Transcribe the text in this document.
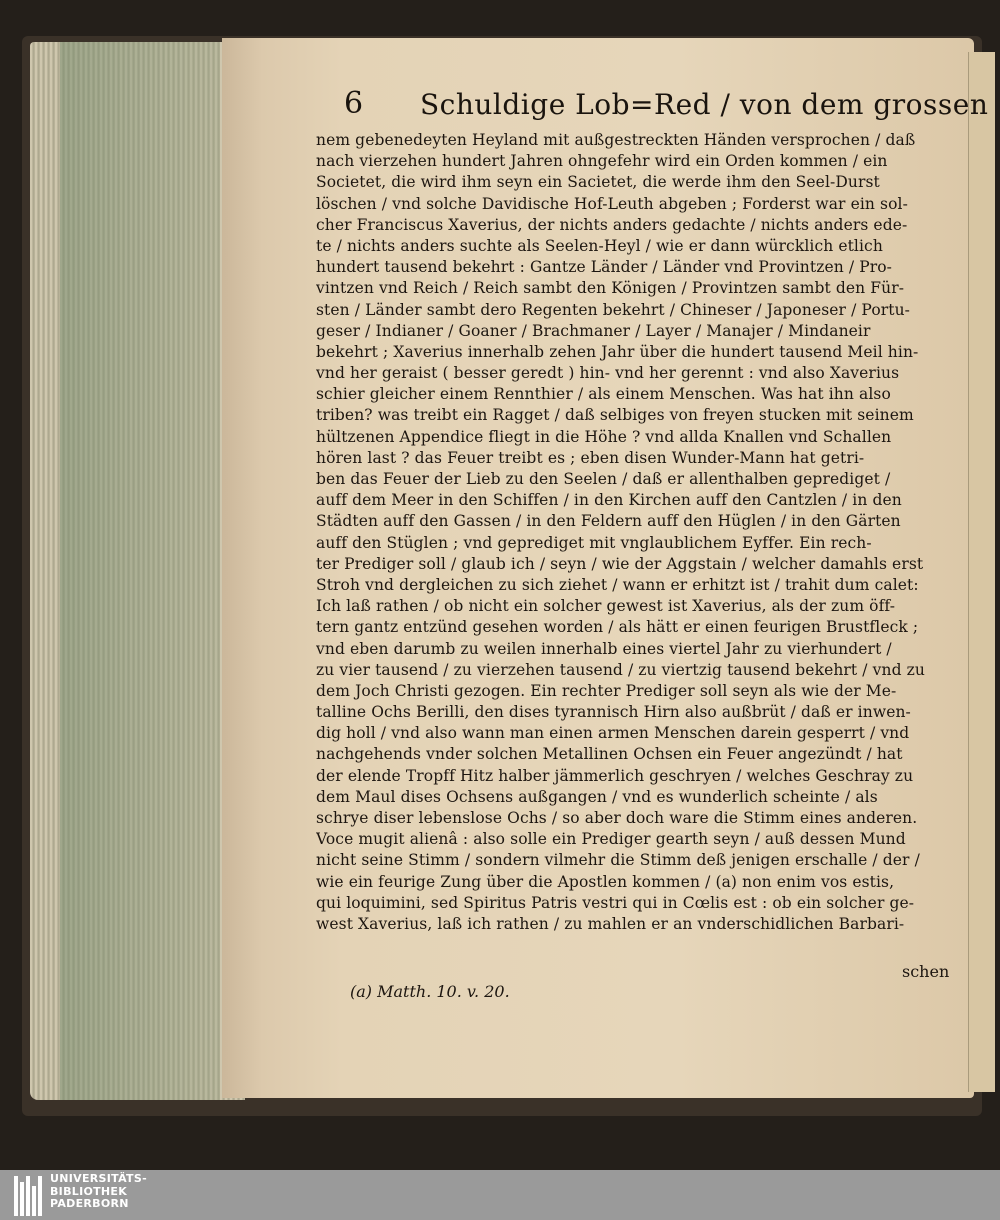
6 Schuldige Lob=Red / von dem grossen
nem gebenedeyten Heyland mit außgestreckten Händen versprochen / daß
nach vierzehen hundert Jahren ohngefehr wird ein Orden kommen / ein
Societet, die wird ihm seyn ein Sacietet, die werde ihm den Seel-Durst
löschen / vnd solche Davidische Hof-Leuth abgeben ; Forderst war ein sol-
cher Franciscus Xaverius, der nichts anders gedachte / nichts anders ede-
te / nichts anders suchte als Seelen-Heyl / wie er dann würcklich etlich
hundert tausend bekehrt : Gantze Länder / Länder vnd Provintzen / Pro-
vintzen vnd Reich / Reich sambt den Königen / Provintzen sambt den Für-
sten / Länder sambt dero Regenten bekehrt / Chineser / Japoneser / Portu-
geser / Indianer / Goaner / Brachmaner / Layer / Manajer / Mindaneir
bekehrt ; Xaverius innerhalb zehen Jahr über die hundert tausend Meil hin-
vnd her geraist ( besser geredt ) hin- vnd her gerennt : vnd also Xaverius
schier gleicher einem Rennthier / als einem Menschen. Was hat ihn also
triben? was treibt ein Ragget / daß selbiges von freyen stucken mit seinem
hültzenen Appendice fliegt in die Höhe ? vnd allda Knallen vnd Schallen
hören last ? das Feuer treibt es ; eben disen Wunder-Mann hat getri-
ben das Feuer der Lieb zu den Seelen / daß er allenthalben geprediget /
auff dem Meer in den Schiffen / in den Kirchen auff den Cantzlen / in den
Städten auff den Gassen / in den Feldern auff den Hüglen / in den Gärten
auff den Stüglen ; vnd geprediget mit vnglaublichem Eyffer. Ein rech-
ter Prediger soll / glaub ich / seyn / wie der Aggstain / welcher damahls erst
Stroh vnd dergleichen zu sich ziehet / wann er erhitzt ist / trahit dum calet:
Ich laß rathen / ob nicht ein solcher gewest ist Xaverius, als der zum öff-
tern gantz entzünd gesehen worden / als hätt er einen feurigen Brustfleck ;
vnd eben darumb zu weilen innerhalb eines viertel Jahr zu vierhundert /
zu vier tausend / zu vierzehen tausend / zu viertzig tausend bekehrt / vnd zu
dem Joch Christi gezogen. Ein rechter Prediger soll seyn als wie der Me-
talline Ochs Berilli, den dises tyrannisch Hirn also außbrüt / daß er inwen-
dig holl / vnd also wann man einen armen Menschen darein gesperrt / vnd
nachgehends vnder solchen Metallinen Ochsen ein Feuer angezündt / hat
der elende Tropff Hitz halber jämmerlich geschryen / welches Geschray zu
dem Maul dises Ochsens außgangen / vnd es wunderlich scheinte / als
schrye diser lebenslose Ochs / so aber doch ware die Stimm eines anderen.
Voce mugit alienâ : also solle ein Prediger gearth seyn / auß dessen Mund
nicht seine Stimm / sondern vilmehr die Stimm deß jenigen erschalle / der /
wie ein feurige Zung über die Apostlen kommen / (a) non enim vos estis,
qui loquimini, sed Spiritus Patris vestri qui in Cœlis est : ob ein solcher ge-
west Xaverius, laß ich rathen / zu mahlen er an vnderschidlichen Barbari-
schen
(a) Matth. 10. v. 20.
UNIVERSITÄTS-
BIBLIOTHEK
PADERBORN
